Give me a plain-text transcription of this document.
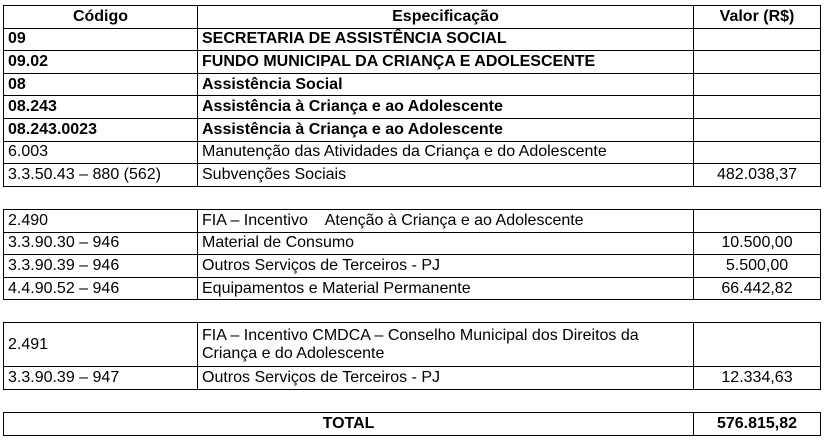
Código	Especificação	Valor (R$)
09	SECRETARIA DE ASSISTÊNCIA SOCIAL	
09.02	FUNDO MUNICIPAL DA CRIANÇA E ADOLESCENTE	
08	Assistência Social	
08.243	Assistência à Criança e ao Adolescente	
08.243.0023	Assistência à Criança e ao Adolescente	
6.003	Manutenção das Atividades da Criança e do Adolescente	
3.3.50.43 – 880 (562)	Subvenções Sociais	482.038,37
2.490	FIA – Incentivo    Atenção à Criança e ao Adolescente	
3.3.90.30 – 946	Material de Consumo	10.500,00
3.3.90.39 – 946	Outros Serviços de Terceiros - PJ	5.500,00
4.4.90.52 – 946	Equipamentos e Material Permanente	66.442,82
2.491	FIA – Incentivo CMDCA – Conselho Municipal dos Direitos da Criança e do Adolescente	
3.3.90.39 – 947	Outros Serviços de Terceiros - PJ	12.334,63
TOTAL	576.815,82
